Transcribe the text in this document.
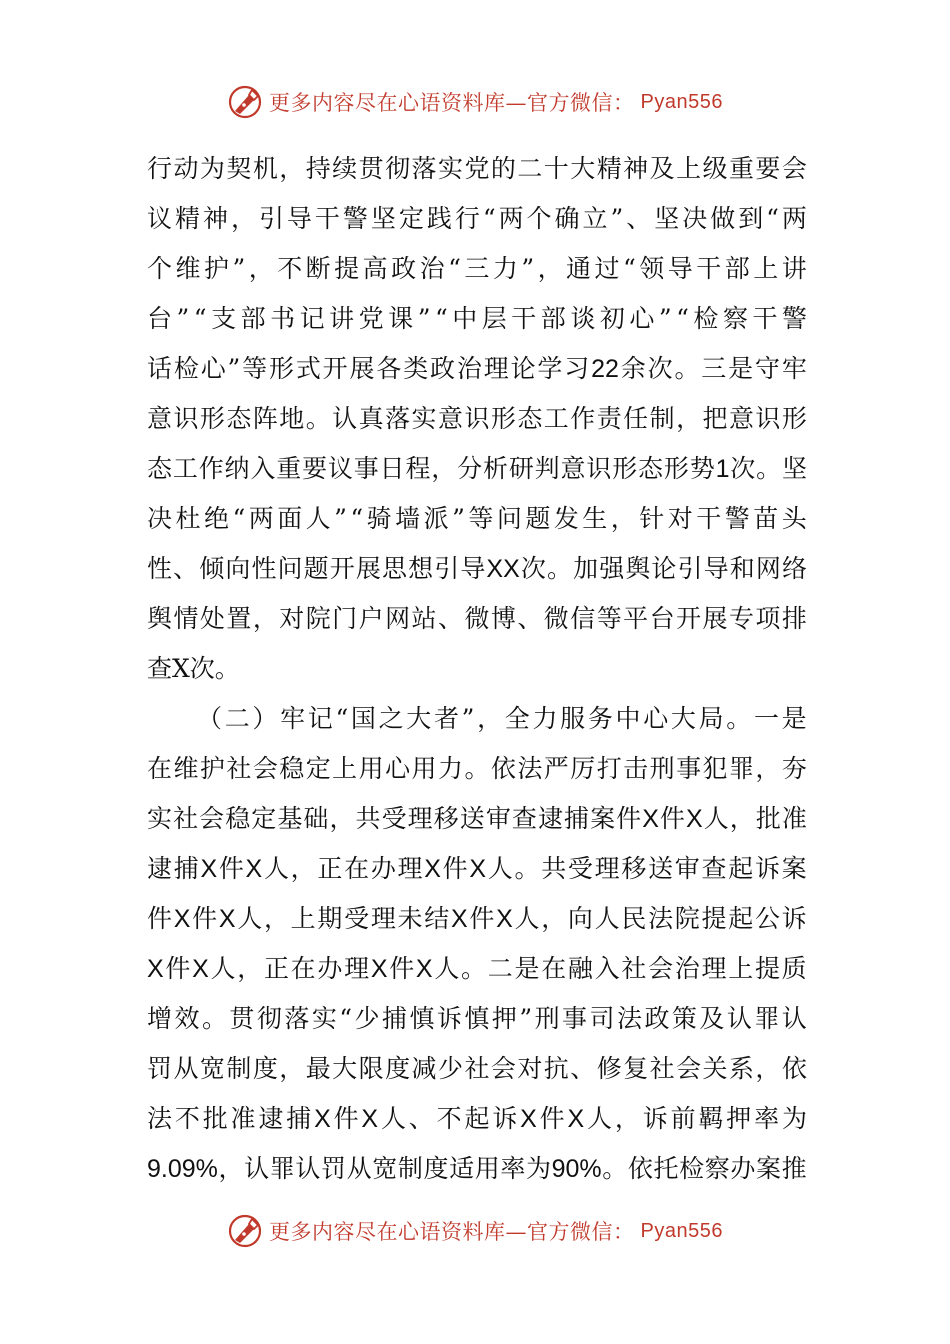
更多内容尽在心语资料库—官方微信： Pyan556
行 动 为 契 机 ， 持 续 贯 彻 落 实 党 的 二 十 大 精 神 及 上 级 重 要 会
议 精 神 ， 引 导 干 警 坚 定 践 行 “ 两 个 确 立 ” 、 坚 决 做 到 “ 两
个 维 护 ” ， 不 断 提 高 政 治 “ 三 力 ” ， 通 过 “ 领 导 干 部 上 讲
台 ” “ 支 部 书 记 讲 党 课 ” “ 中 层 干 部 谈 初 心 ” “ 检 察 干 警
话 检 心 ” 等 形 式 开 展 各 类 政 治 理 论 学 习 22 余 次 。 三 是 守 牢
意 识 形 态 阵 地 。 认 真 落 实 意 识 形 态 工 作 责 任 制 ， 把 意 识 形
态 工 作 纳 入 重 要 议 事 日 程 ， 分 析 研 判 意 识 形 态 形 势 1 次 。 坚
决 杜 绝 “ 两 面 人 ” “ 骑 墙 派 ” 等 问 题 发 生 ， 针 对 干 警 苗 头
性 、 倾 向 性 问 题 开 展 思 想 引 导 XX 次 。 加 强 舆 论 引 导 和 网 络
舆 情 处 置 ， 对 院 门 户 网 站 、 微 博 、 微 信 等 平 台 开 展 专 项 排
查X次。
（ 二 ） 牢 记 “ 国 之 大 者 ” ， 全 力 服 务 中 心 大 局 。 一 是
在 维 护 社 会 稳 定 上 用 心 用 力 。 依 法 严 厉 打 击 刑 事 犯 罪 ， 夯
实 社 会 稳 定 基 础 ， 共 受 理 移 送 审 查 逮 捕 案 件 X 件 X 人 ， 批 准
逮 捕 X 件 X 人 ， 正 在 办 理 X 件 X 人 。 共 受 理 移 送 审 查 起 诉 案
件 X 件 X 人 ， 上 期 受 理 未 结 X 件 X 人 ， 向 人 民 法 院 提 起 公 诉
X 件 X 人 ， 正 在 办 理 X 件 X 人 。 二 是 在 融 入 社 会 治 理 上 提 质
增 效 。 贯 彻 落 实 “ 少 捕 慎 诉 慎 押 ” 刑 事 司 法 政 策 及 认 罪 认
罚 从 宽 制 度 ， 最 大 限 度 减 少 社 会 对 抗 、 修 复 社 会 关 系 ， 依
法 不 批 准 逮 捕 X 件 X 人 、 不 起 诉 X 件 X 人 ， 诉 前 羁 押 率 为
9.09% ， 认 罪 认 罚 从 宽 制 度 适 用 率 为 90% 。 依 托 检 察 办 案 推
更多内容尽在心语资料库—官方微信： Pyan556
